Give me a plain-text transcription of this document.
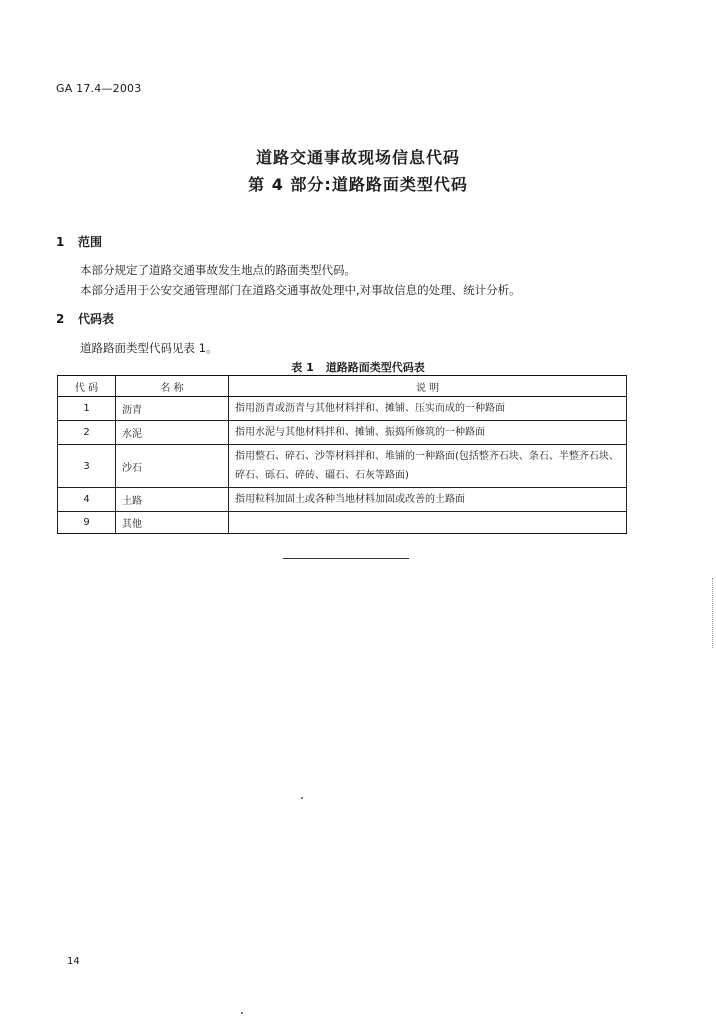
GA 17.4—2003
道路交通事故现场信息代码
第 4 部分:道路路面类型代码
1 范围
本部分规定了道路交通事故发生地点的路面类型代码。
本部分适用于公安交通管理部门在道路交通事故处理中,对事故信息的处理、统计分析。
2 代码表
道路路面类型代码见表 1。
表 1 道路路面类型代码表
代 码	名 称	说 明
1	沥青	指用沥青或沥青与其他材料拌和、摊铺、压实而成的一种路面
2	水泥	指用水泥与其他材料拌和、摊铺、振捣所修筑的一种路面
3	沙石	指用整石、碎石、沙等材料拌和、堆铺的一种路面(包括整齐石块、条石、半整齐石块、碎石、砾石、碎砖、礓石、石灰等路面)
4	土路	指用粒料加固土或各种当地材料加固或改善的土路面
9	其他	
14
